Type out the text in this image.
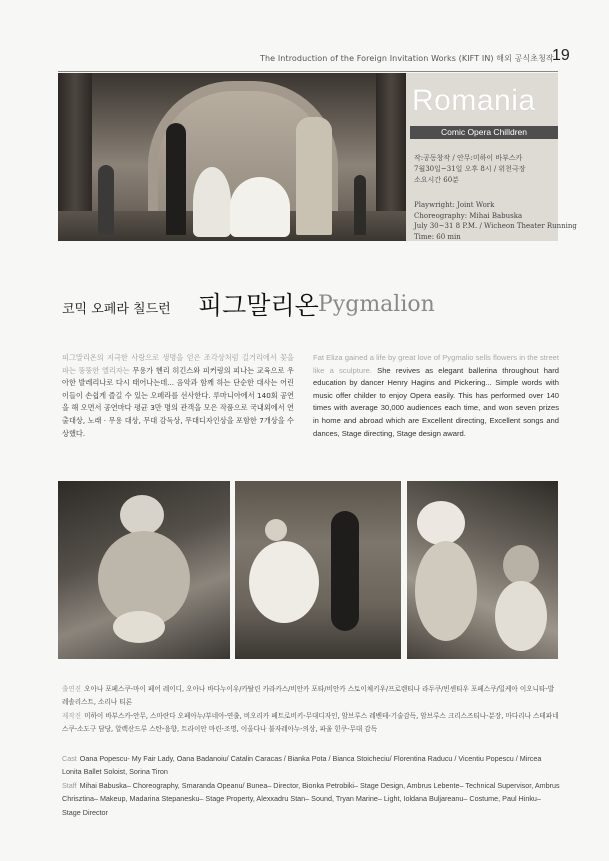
The Introduction of the Foreign Invitation Works (KIFT IN) 해외 공식초청작
19
Romania
Comic Opera Chilldren
작:공동창작 / 안무:미하이 바부스카
7월30일~31일 오후 8시 / 위천극장
소요시간 60분
Playwright: Joint Work
Choreography: Mihai Babuska
July 30~31 8 P.M. / Wicheon Theater Running
Time: 60 min
코믹 오페라 칠드런 피그말리온 Pygmalion
피그말리온의 지극한 사랑으로 생명을 얻은 조각상처럼 길거리에서 꽃을 파는 뚱뚱한 엘리자는 무용가 헨리 히긴스와 피커링의 피나는 교육으로 우아한 발레리나로 다시 태어나는데... 음악과 함께 하는 단순한 대사는 어린이들이 손쉽게 즐길 수 있는 오페라를 선사한다. 루마니아에서 140회 공연을 해 오면서 공연마다 평균 3만 명의 관객을 모은 작품으로 국내외에서 연출대상, 노래 · 무용 대상, 무대 감독상, 무대디자인상을 포함한 7개상을 수상했다.
Fat Eliza gained a life by great love of Pygmalio sells flowers in the street like a sculpture. She revives as elegant ballerina throughout hard education by dancer Henry Hagins and Pickering... Simple words with music offer childer to enjoy Opera easily. This has performed over 140 times with average 30,000 audiences each time, and won seven prizes in home and abroad which are Excellent directing, Excellent songs and dances, Stage directing, Stage design award.
출연진 오아나 포페스쿠-마이 페어 레이디, 오아나 바다누이우/카탈린 카라카스/비안카 포타/비안카 스토이체키우/프로렌티나 라두쿠/빈센티우 포페스쿠/밀케아 이오니타-발레솔리스트, 소리나 티론
제작진 미하이 바부스카-안무, 스마란다 오페아누/부네아-연출, 비오리카 페트로비키-무대디자인, 암브루스 레벤테-기술감독, 암브루스 크리스즈티나-분장, 마다리나 스테파네스쿠-소도구 담당, 알렉산드루 스탄-음향, 트라이안 마린-조명, 이올다나 불자레아누-의상, 파울 힌쿠-무대 감독
Cast Oana Popescu- My Fair Lady, Oana Badanoiu/ Catalin Caracas / Bianka Pota / Bianca Stoicheciu/ Florentina Raducu / Vicentiu Popescu / Mircea Lonita Ballet Soloist, Sorina Tiron
Staff Mihai Babuska– Choreography, Smaranda Opeanu/ Bunea– Director, Bionka Petrobiki– Stage Design, Ambrus Lebente– Technical Supervisor, Ambrus Chrisztina– Makeup, Madarina Stepanesku– Stage Property, Alexxadru Stan– Sound, Tryan Marine– Light, Ioldana Buljareanu– Costume, Paul Hinku– Stage Director
